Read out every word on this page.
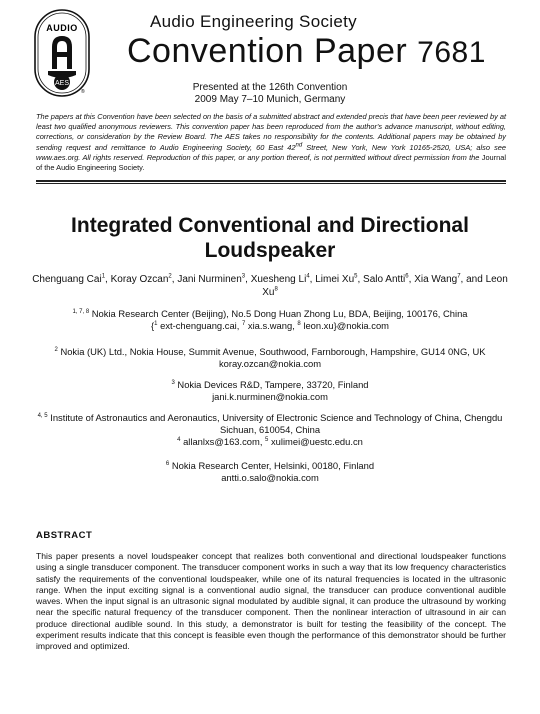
AUDIO
AES
®
Audio Engineering Society
Convention Paper 7681
Presented at the 126th Convention
2009 May 7–10 Munich, Germany
The papers at this Convention have been selected on the basis of a submitted abstract and extended precis that have been peer reviewed by at least two qualified anonymous reviewers. This convention paper has been reproduced from the author's advance manuscript, without editing, corrections, or consideration by the Review Board. The AES takes no responsibility for the contents. Additional papers may be obtained by sending request and remittance to Audio Engineering Society, 60 East 42nd Street, New York, New York 10165-2520, USA; also see www.aes.org. All rights reserved. Reproduction of this paper, or any portion thereof, is not permitted without direct permission from the Journal of the Audio Engineering Society.
Integrated Conventional and Directional
Loudspeaker
Chenguang Cai$^1$, Koray Ozcan$^2$, Jani Nurminen$^3$, Xuesheng Li$^4$, Limei Xu$^5$, Salo Antti$^6$, Xia Wang$^7$, and Leon Xu$^8$
$^{1, 7, 8}$ Nokia Research Center (Beijing), No.5 Dong Huan Zhong Lu, BDA, Beijing, 100176, China
{$^1$ ext-chenguang.cai, $^7$ xia.s.wang, $^8$ leon.xu}@nokia.com
$^2$ Nokia (UK) Ltd., Nokia House, Summit Avenue, Southwood, Farnborough, Hampshire, GU14 0NG, UK
koray.ozcan@nokia.com
$^3$ Nokia Devices R&D, Tampere, 33720, Finland
jani.k.nurminen@nokia.com
$^{4, 5}$ Institute of Astronautics and Aeronautics, University of Electronic Science and Technology of China, Chengdu Sichuan, 610054, China
$^4$ allanlxs@163.com, $^5$ xulimei@uestc.edu.cn
$^6$ Nokia Research Center, Helsinki, 00180, Finland
antti.o.salo@nokia.com
ABSTRACT
This paper presents a novel loudspeaker concept that realizes both conventional and directional loudspeaker functions using a single transducer component. The transducer component works in such a way that its low frequency characteristics satisfy the requirements of the conventional loudspeaker, while one of its natural frequencies is located in the ultrasonic range. When the input exciting signal is a conventional audio signal, the transducer can produce conventional audible waves. When the input signal is an ultrasonic signal modulated by audible signal, it can produce the ultrasound by working near the specific natural frequency of the transducer component. Then the nonlinear interaction of ultrasound in air can produce directional audible sound. In this study, a demonstrator is built for testing the feasibility of the concept. The experiment results indicate that this concept is feasible even though the performance of this demonstrator should be further improved and optimized.
